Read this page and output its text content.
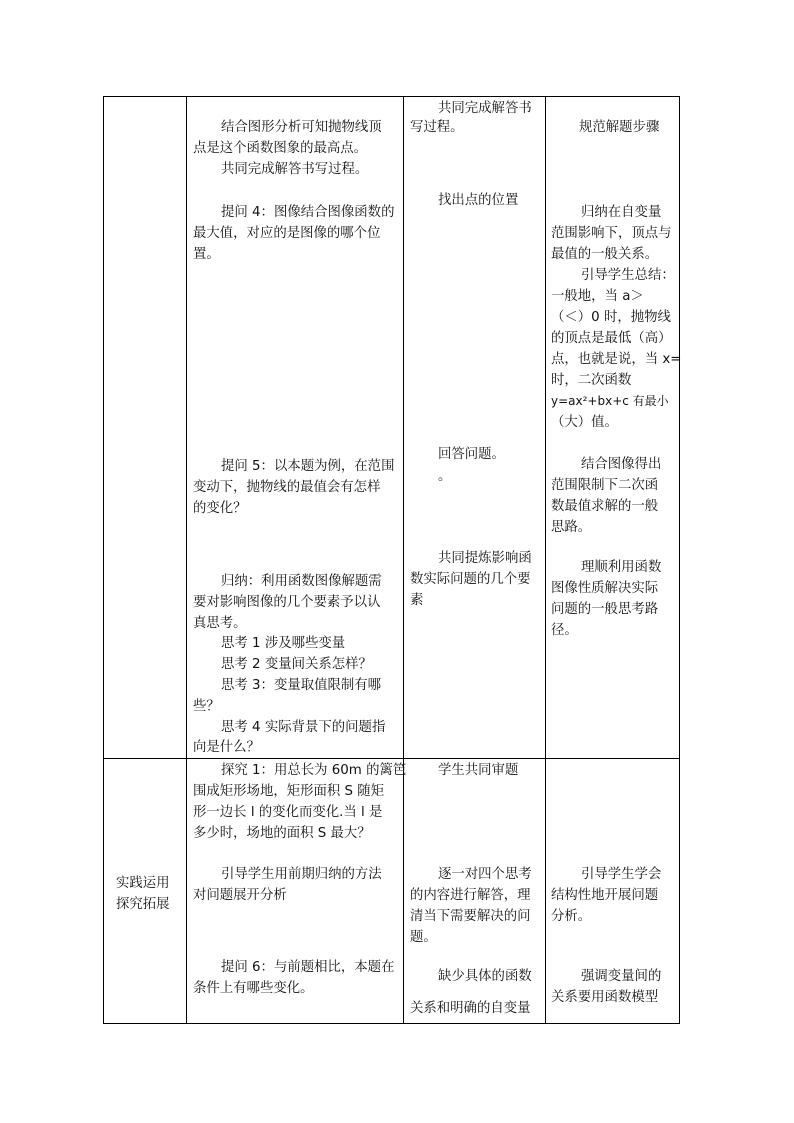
结合图形分析可知抛物线顶
点是这个函数图象的最高点。
共同完成解答书写过程。
提问 4：图像结合图像函数的
最大值，对应的是图像的哪个位
置。
提问 5：以本题为例，在范围
变动下，抛物线的最值会有怎样
的变化？
归纳：利用函数图像解题需
要对影响图像的几个要素予以认
真思考。
思考 1 涉及哪些变量
思考 2 变量间关系怎样？
思考 3：变量取值限制有哪
些？
思考 4 实际背景下的问题指
向是什么？
共同完成解答书
写过程。
找出点的位置
回答问题。
。
共同提炼影响函
数实际问题的几个要
素
规范解题步骤
归纳在自变量
范围影响下，顶点与
最值的一般关系。
引导学生总结：
一般地，当 a＞
（＜）0 时，抛物线
的顶点是最低（高）
点，也就是说，当 x=
时，二次函数
y=ax²+bx+c 有最小
（大）值。
结合图像得出
范围限制下二次函
数最值求解的一般
思路。
理顺利用函数
图像性质解决实际
问题的一般思考路
径。
实践运用
探究拓展
探究 1：用总长为 60m 的篱笆
围成矩形场地，矩形面积 S 随矩
形一边长 l 的变化而变化.当 l 是
多少时，场地的面积 S 最大？
引导学生用前期归纳的方法
对问题展开分析
提问 6：与前题相比，本题在
条件上有哪些变化。
学生共同审题
逐一对四个思考
的内容进行解答，理
清当下需要解决的问
题。
缺少具体的函数
关系和明确的自变量
引导学生学会
结构性地开展问题
分析。
强调变量间的
关系要用函数模型
